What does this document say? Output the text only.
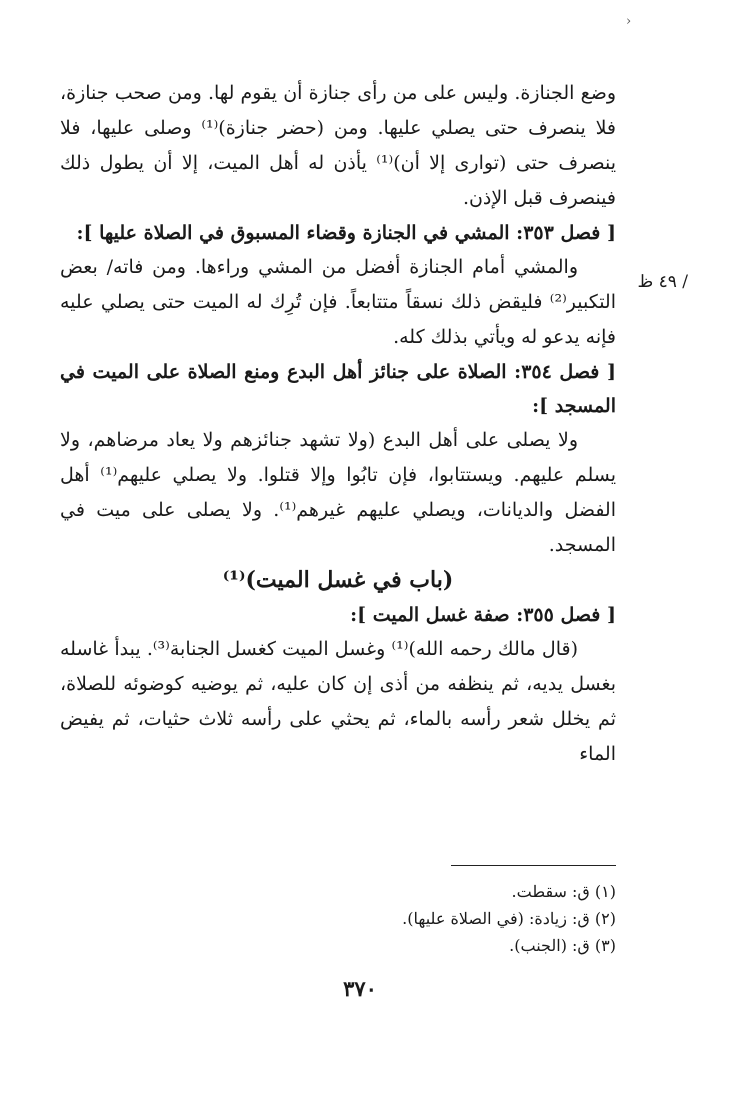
›
/ ٤٩ ظ

وضع الجنازة. وليس على من رأى جنازة أن يقوم لها. ومن صحب جنازة، فلا ينصرف حتى يصلي عليها. ومن (حضر جنازة)⁽¹⁾ وصلى عليها، فلا ينصرف حتى (توارى إلا أن)⁽¹⁾ يأذن له أهل الميت، إلا أن يطول ذلك فينصرف قبل الإذن.

[ فصل ٣٥٣: المشي في الجنازة وقضاء المسبوق في الصلاة عليها ]:

والمشي أمام الجنازة أفضل من المشي وراءها. ومن فاته/ بعض التكبير⁽²⁾ فليقض ذلك نسقاً متتابعاً. فإن تُرِك له الميت حتى يصلي عليه فإنه يدعو له ويأتي بذلك كله.

[ فصل ٣٥٤: الصلاة على جنائز أهل البدع ومنع الصلاة على الميت في المسجد ]:

ولا يصلى على أهل البدع (ولا تشهد جنائزهم ولا يعاد مرضاهم، ولا يسلم عليهم. ويستتابوا، فإن تابُوا وإلا قتلوا. ولا يصلي عليهم⁽¹⁾ أهل الفضل والديانات، ويصلي عليهم غيرهم⁽¹⁾. ولا يصلى على ميت في المسجد.

(باب في غسل الميت)⁽¹⁾

[ فصل ٣٥٥: صفة غسل الميت ]:

(قال مالك رحمه الله)⁽¹⁾ وغسل الميت كغسل الجنابة⁽³⁾. يبدأ غاسله بغسل يديه، ثم ينظفه من أذى إن كان عليه، ثم يوضيه كوضوئه للصلاة، ثم يخلل شعر رأسه بالماء، ثم يحثي على رأسه ثلاث حثيات، ثم يفيض الماء

(١) ق: سقطت.
(٢) ق: زيادة: (في الصلاة عليها).
(٣) ق: (الجنب).
٣٧٠
